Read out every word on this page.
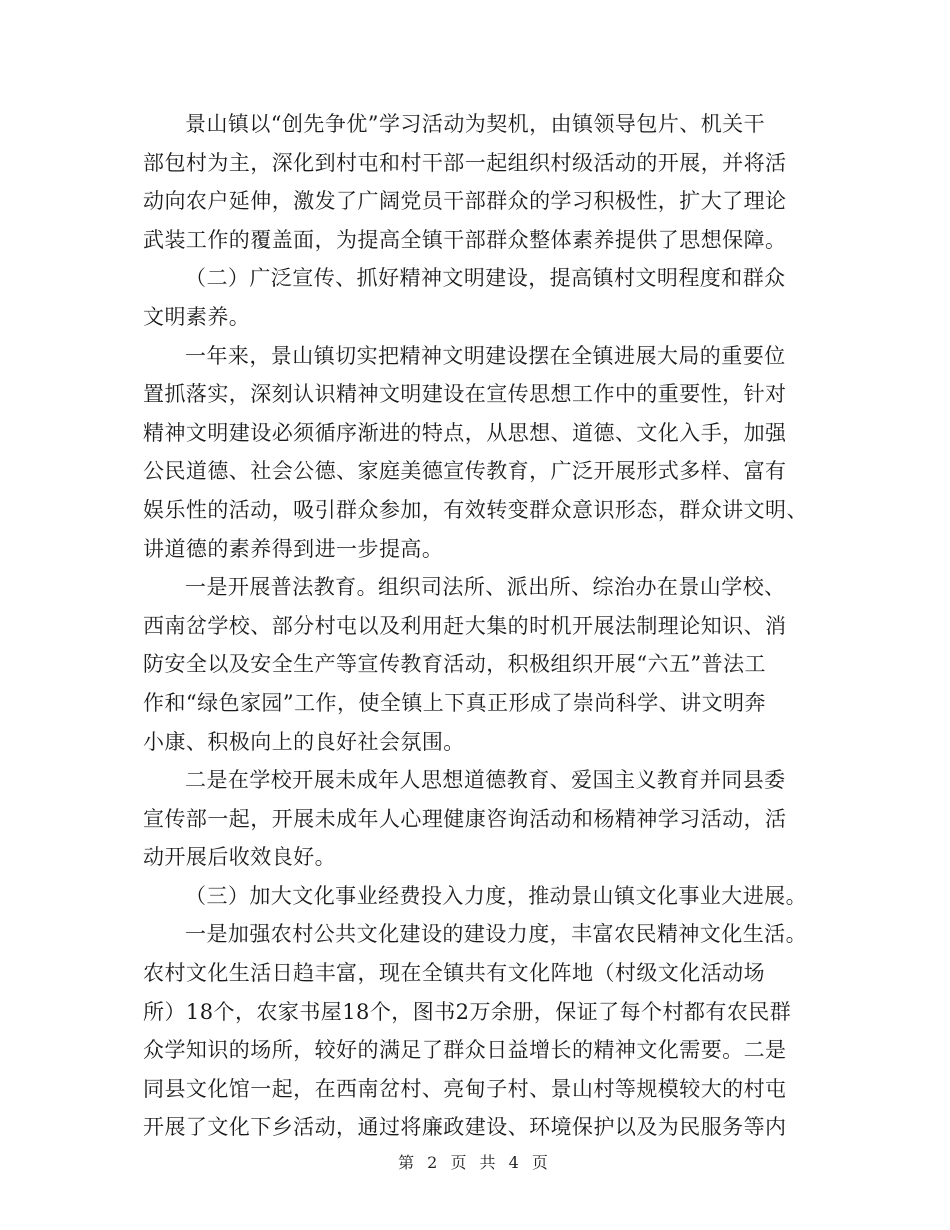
景山镇以“创先争优”学习活动为契机，由镇领导包片、机关干
部包村为主，深化到村屯和村干部一起组织村级活动的开展，并将活
动向农户延伸，激发了广阔党员干部群众的学习积极性，扩大了理论
武装工作的覆盖面，为提高全镇干部群众整体素养提供了思想保障。
（二）广泛宣传、抓好精神文明建设，提高镇村文明程度和群众
文明素养。
一年来，景山镇切实把精神文明建设摆在全镇进展大局的重要位
置抓落实，深刻认识精神文明建设在宣传思想工作中的重要性，针对
精神文明建设必须循序渐进的特点，从思想、道德、文化入手，加强
公民道德、社会公德、家庭美德宣传教育，广泛开展形式多样、富有
娱乐性的活动，吸引群众参加，有效转变群众意识形态，群众讲文明、
讲道德的素养得到进一步提高。
一是开展普法教育。组织司法所、派出所、综治办在景山学校、
西南岔学校、部分村屯以及利用赶大集的时机开展法制理论知识、消
防安全以及安全生产等宣传教育活动，积极组织开展“六五”普法工
作和“绿色家园”工作，使全镇上下真正形成了崇尚科学、讲文明奔
小康、积极向上的良好社会氛围。
二是在学校开展未成年人思想道德教育、爱国主义教育并同县委
宣传部一起，开展未成年人心理健康咨询活动和杨精神学习活动，活
动开展后收效良好。
（三）加大文化事业经费投入力度，推动景山镇文化事业大进展。
一是加强农村公共文化建设的建设力度，丰富农民精神文化生活。
农村文化生活日趋丰富，现在全镇共有文化阵地（村级文化活动场
所）18个，农家书屋18个，图书2万余册，保证了每个村都有农民群
众学知识的场所，较好的满足了群众日益增长的精神文化需要。二是
同县文化馆一起，在西南岔村、亮甸子村、景山村等规模较大的村屯
开展了文化下乡活动，通过将廉政建设、环境保护以及为民服务等内
第 2 页 共 4 页
